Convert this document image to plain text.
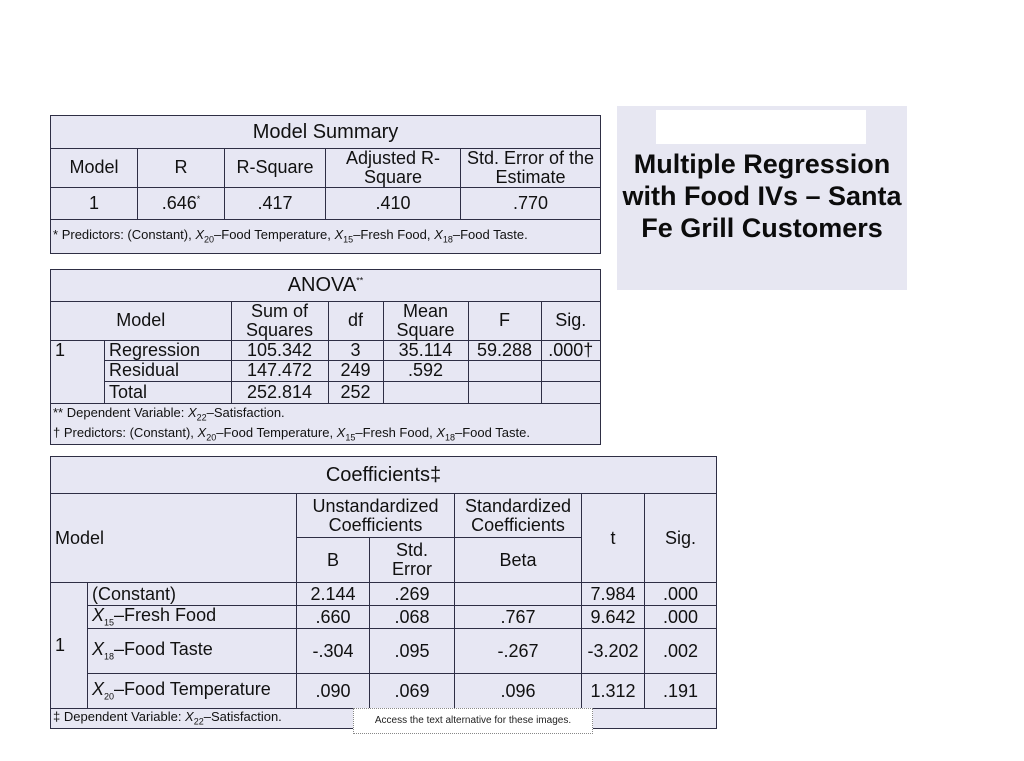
Model Summary				
Model	R	R-Square	Adjusted R-Square	Std. Error of the Estimate
1	.646*	.417	.410	.770
* Predictors: (Constant), $X_{20}$–Food Temperature, $X_{15}$–Fresh Food, $X_{18}$–Food Taste.				
ANOVA**
Model		Sum of Squares	df	Mean Square	F	Sig.
1	Regression	105.342	3	35.114	59.288	.000†
	Residual	147.472	249	.592		
	Total	252.814	252			
** Dependent Variable: $X_{22}$–Satisfaction.
† Predictors: (Constant), $X_{20}$–Food Temperature, $X_{15}$–Fresh Food, $X_{18}$–Food Taste.						
Coefficients‡						
Model		Unstandardized Coefficients		Standardized Coefficients	t	Sig.
		B	Std. Error	Beta		
1	(Constant)	2.144	.269		7.984	.000
	$X_{15}$–Fresh Food	.660	.068	.767	9.642	.000
	$X_{18}$–Food Taste	-.304	.095	-.267	-3.202	.002
	$X_{20}$–Food Temperature	.090	.069	.096	1.312	.191
‡ Dependent Variable: $X_{22}$–Satisfaction.							Access the text alternative for these images.
Multiple Regression with Food IVs – Santa Fe Grill Customers
